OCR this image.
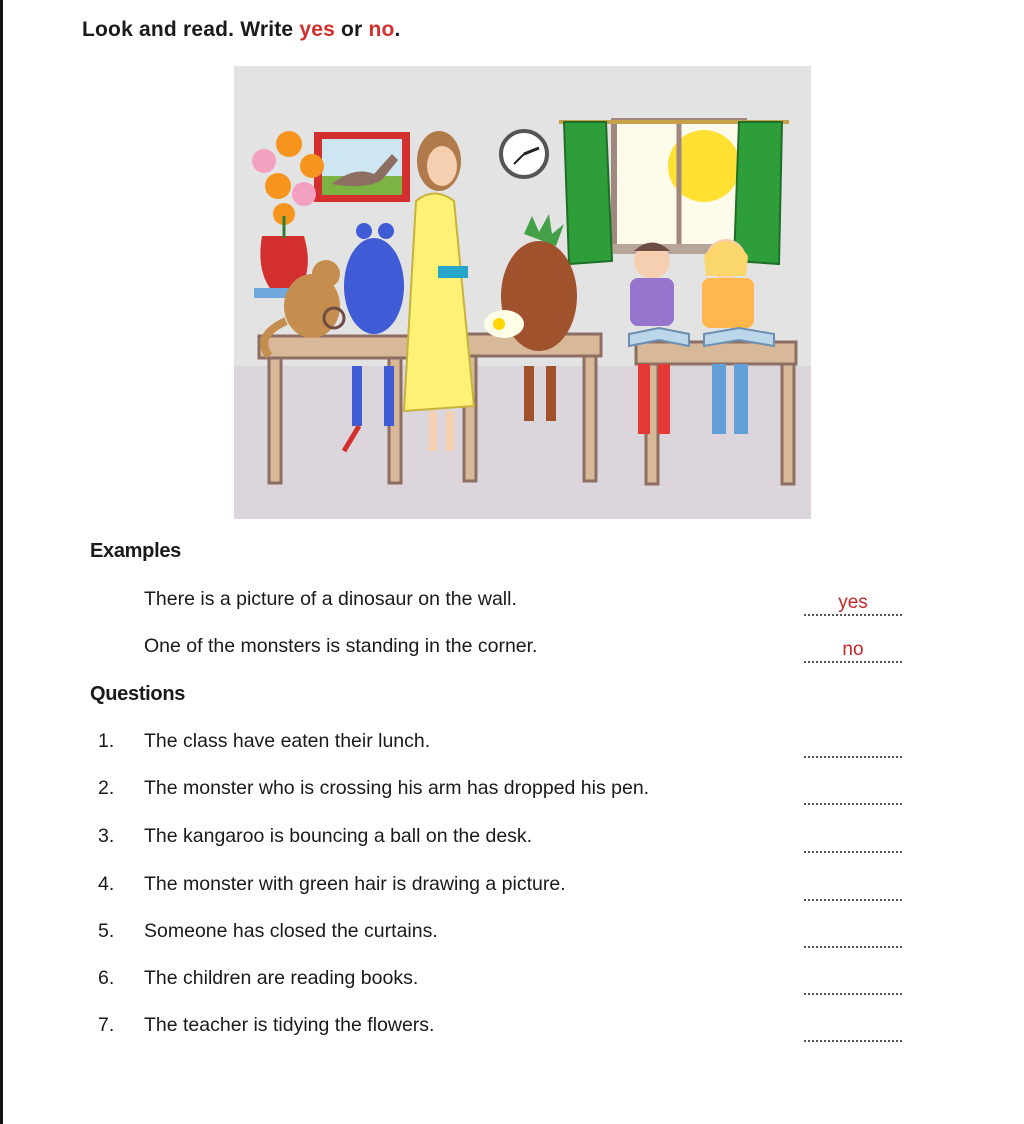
Look and read. Write yes or no.
Examples
There is a picture of a dinosaur on the wall.	yes
One of the monsters is standing in the corner.	no
Questions
1.	The class have eaten their lunch.
2.	The monster who is crossing his arm has dropped his pen.
3.	The kangaroo is bouncing a ball on the desk.
4.	The monster with green hair is drawing a picture.
5.	Someone has closed the curtains.
6.	The children are reading books.
7.	The teacher is tidying the flowers.
